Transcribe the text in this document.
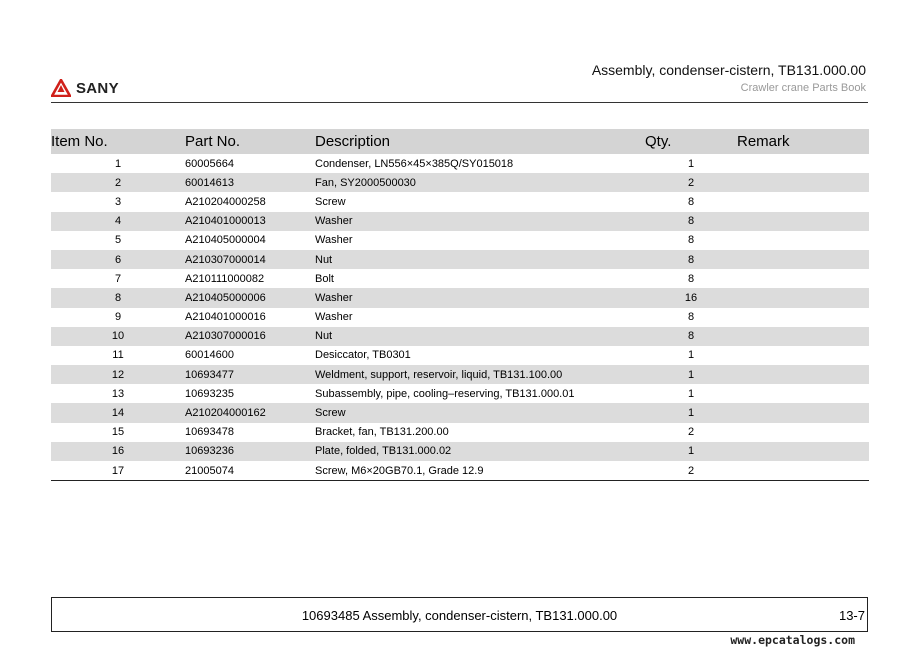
SANY
Assembly, condenser-cistern, TB131.000.00
Crawler crane Parts Book
Item No.	Part No.	Description	Qty.	Remark
1	60005664	Condenser, LN556×45×385Q/SY015018	1	
2	60014613	Fan, SY2000500030	2	
3	A210204000258	Screw	8	
4	A210401000013	Washer	8	
5	A210405000004	Washer	8	
6	A210307000014	Nut	8	
7	A210111000082	Bolt	8	
8	A210405000006	Washer	16	
9	A210401000016	Washer	8	
10	A210307000016	Nut	8	
11	60014600	Desiccator, TB0301	1	
12	10693477	Weldment, support, reservoir, liquid, TB131.100.00	1	
13	10693235	Subassembly, pipe, cooling–reserving, TB131.000.01	1	
14	A210204000162	Screw	1	
15	10693478	Bracket, fan, TB131.200.00	2	
16	10693236	Plate, folded, TB131.000.02	1	
17	21005074	Screw, M6×20GB70.1, Grade 12.9	2	
10693485 Assembly, condenser-cistern, TB131.000.00	13-7
www.epcatalogs.com
